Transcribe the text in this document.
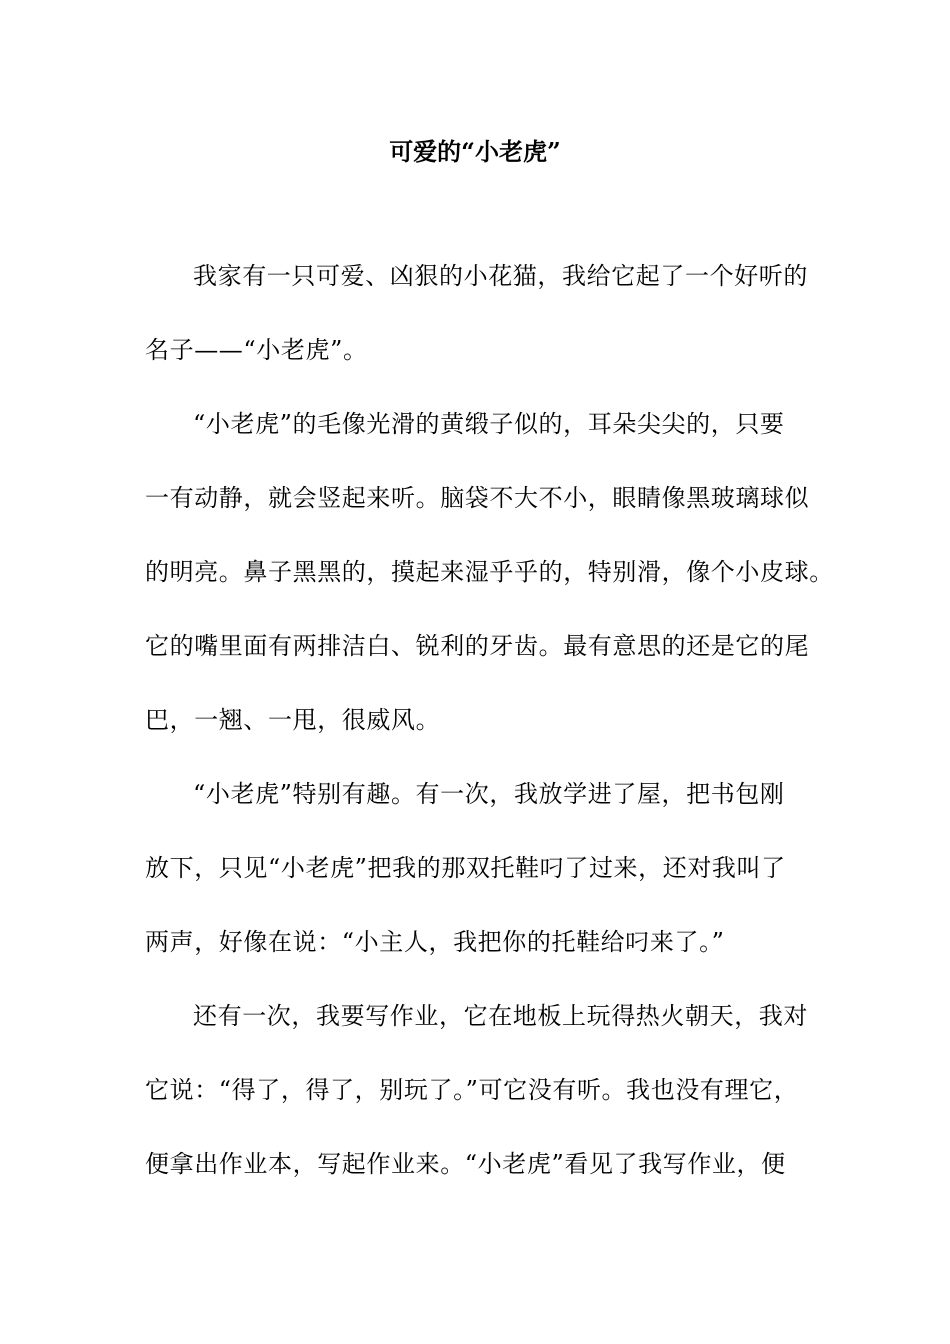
可爱的“小老虎”
我家有一只可爱、凶狠的小花猫，我给它起了一个好听的
名子——“小老虎”。
“小老虎”的毛像光滑的黄缎子似的，耳朵尖尖的，只要
一有动静，就会竖起来听。脑袋不大不小，眼睛像黑玻璃球似
的明亮。鼻子黑黑的，摸起来湿乎乎的，特别滑，像个小皮球。
它的嘴里面有两排洁白、锐利的牙齿。最有意思的还是它的尾
巴，一翘、一甩，很威风。
“小老虎”特别有趣。有一次，我放学进了屋，把书包刚
放下，只见“小老虎”把我的那双托鞋叼了过来，还对我叫了
两声，好像在说：“小主人，我把你的托鞋给叼来了。”
还有一次，我要写作业，它在地板上玩得热火朝天，我对
它说：“得了，得了，别玩了。”可它没有听。我也没有理它，
便拿出作业本，写起作业来。“小老虎”看见了我写作业，便
